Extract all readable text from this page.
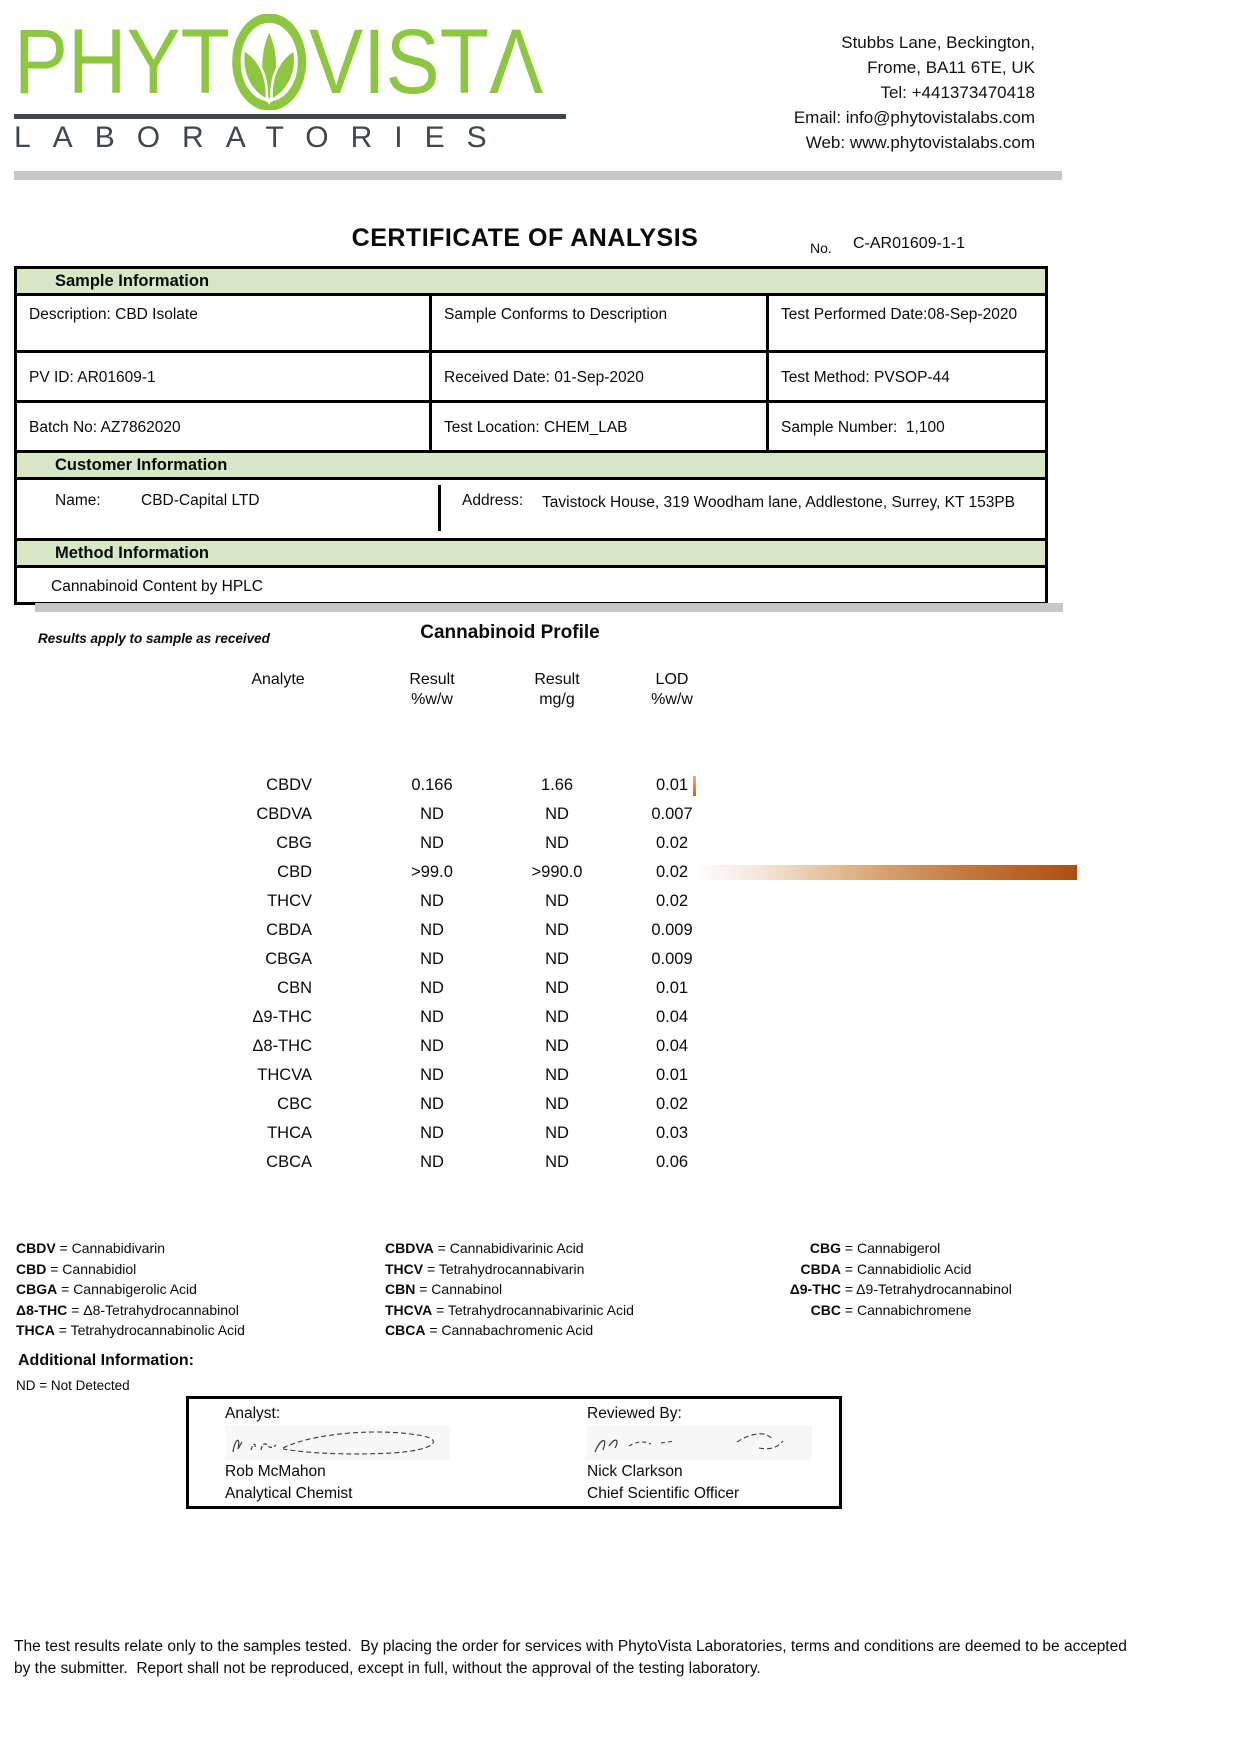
PHYT VISTΛ
LABORATORIES
Stubbs Lane, Beckington,
Frome, BA11 6TE, UK
Tel: +441373470418
Email: info@phytovistalabs.com
Web: www.phytovistalabs.com
CERTIFICATE OF ANALYSIS	No. C-AR01609-1-1
Sample Information
Description: CBD Isolate	Sample Conforms to Description	Test Performed Date:08-Sep-2020
PV ID: AR01609-1	Received Date: 01-Sep-2020	Test Method: PVSOP-44
Batch No: AZ7862020	Test Location: CHEM_LAB	Sample Number:  1,100
Customer Information
Name:	CBD-Capital LTD	Address:	Tavistock House, 319 Woodham lane, Addlestone, Surrey, KT 153PB
Method Information
Cannabinoid Content by HPLC
Results apply to sample as received	Cannabinoid Profile
Analyte	Result	Result	LOD
%w/w	mg/g	%w/w
CBDV	0.166	1.66	0.01
CBDVA	ND	ND	0.007
CBG	ND	ND	0.02
CBD	>99.0	>990.0	0.02
THCV	ND	ND	0.02
CBDA	ND	ND	0.009
CBGA	ND	ND	0.009
CBN	ND	ND	0.01
Δ9-THC	ND	ND	0.04
Δ8-THC	ND	ND	0.04
THCVA	ND	ND	0.01
CBC	ND	ND	0.02
THCA	ND	ND	0.03
CBCA	ND	ND	0.06
CBDV = Cannabidivarin
CBD = Cannabidiol
CBGA = Cannabigerolic Acid
Δ8-THC = Δ8-Tetrahydrocannabinol
THCA = Tetrahydrocannabinolic Acid
CBDVA = Cannabidivarinic Acid
THCV = Tetrahydrocannabivarin
CBN = Cannabinol
THCVA = Tetrahydrocannabivarinic Acid
CBCA = Cannabachromenic Acid
CBG = Cannabigerol
CBDA = Cannabidiolic Acid
Δ9-THC = Δ9-Tetrahydrocannabinol
CBC = Cannabichromene
Additional Information:
ND = Not Detected
Analyst:
Rob McMahon
Analytical Chemist
Reviewed By:
Nick Clarkson
Chief Scientific Officer
The test results relate only to the samples tested.  By placing the order for services with PhytoVista Laboratories, terms and conditions are deemed to be accepted by the submitter.  Report shall not be reproduced, except in full, without the approval of the testing laboratory.
